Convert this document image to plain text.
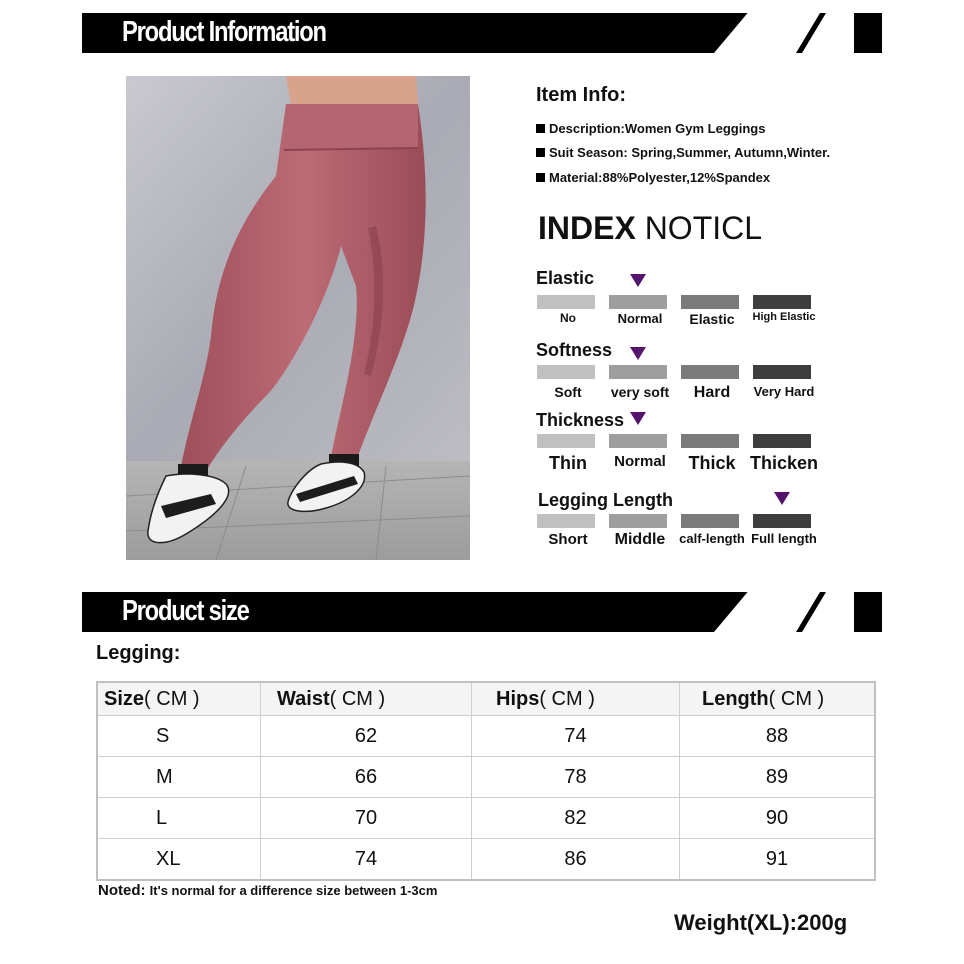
Product Information
Item Info:
Description:Women Gym Leggings
Suit Season: Spring,Summer, Autumn,Winter.
Material:88%Polyester,12%Spandex
INDEX NOTICL
Elastic
No	Normal	Elastic	High Elastic
Softness
Soft	very soft	Hard	Very Hard
Thickness
Thin	Normal	Thick Thicken
Legging Length
Short	Middle	calf-length Full length
Product size
Legging:
Size( CM )	Waist( CM )	Hips( CM )	Length( CM )
S	62	74	88
M	66	78	89
L	70	82	90
XL	74	86	91
Noted: It's normal for a difference size between 1-3cm
Weight(XL):200g
